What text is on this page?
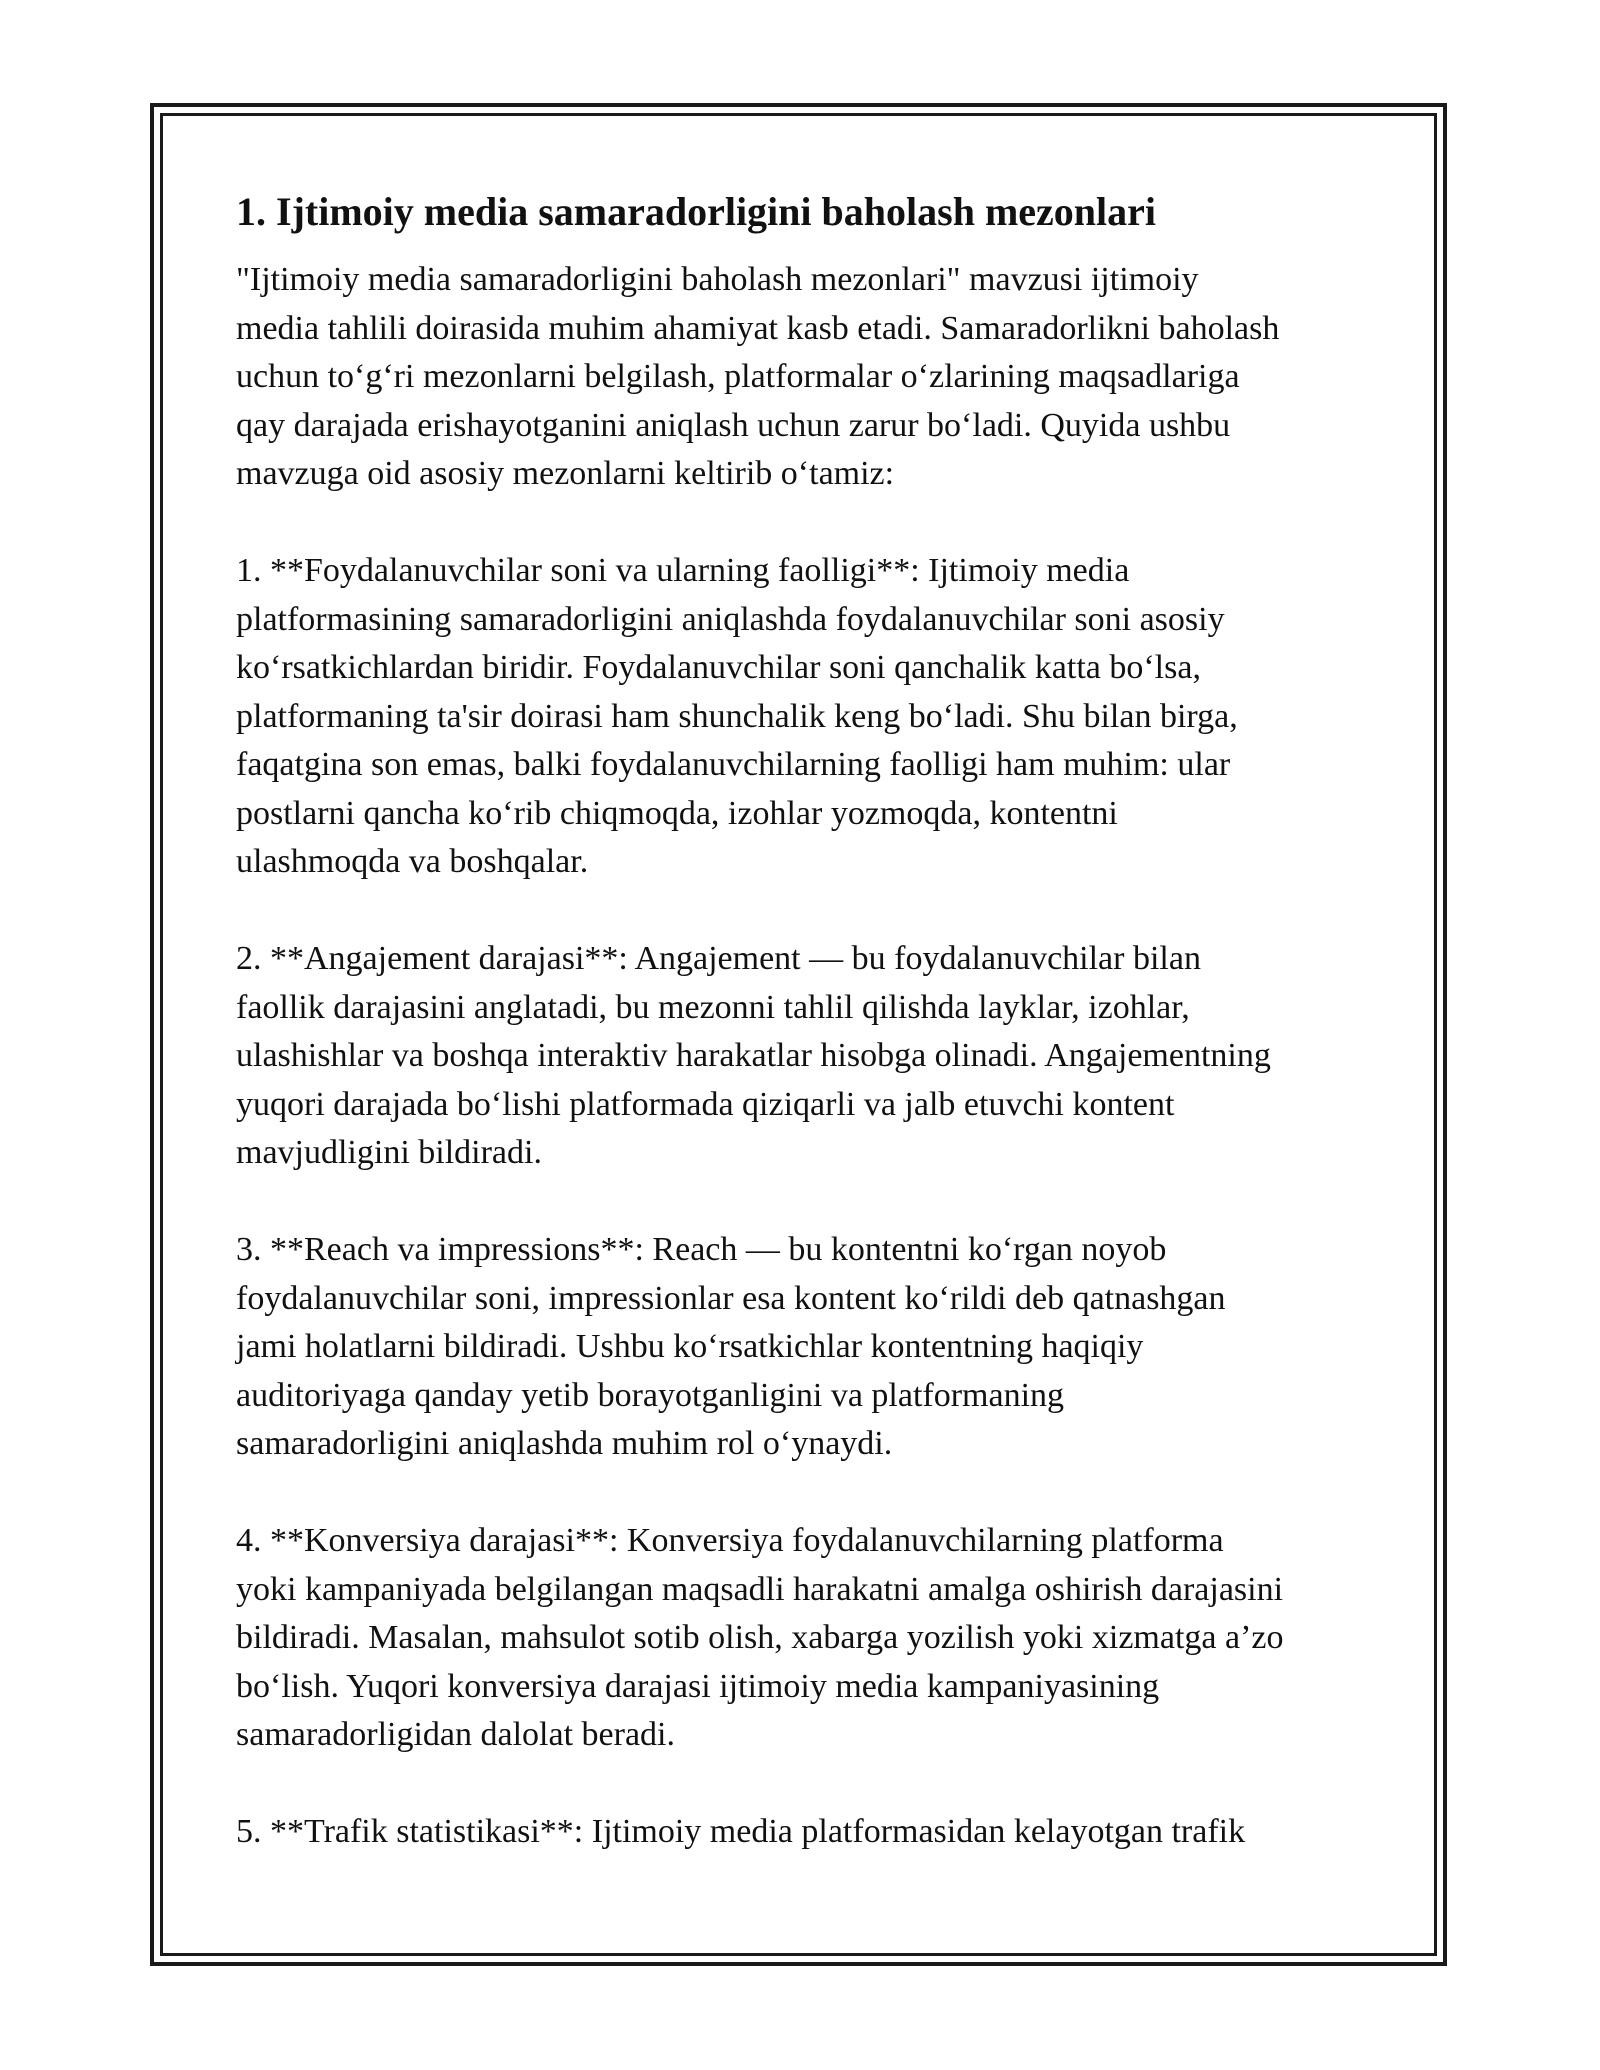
1. Ijtimoiy media samaradorligini baholash mezonlari

"Ijtimoiy media samaradorligini baholash mezonlari" mavzusi ijtimoiy
media tahlili doirasida muhim ahamiyat kasb etadi. Samaradorlikni baholash
uchun to‘g‘ri mezonlarni belgilash, platformalar o‘zlarining maqsadlariga
qay darajada erishayotganini aniqlash uchun zarur bo‘ladi. Quyida ushbu
mavzuga oid asosiy mezonlarni keltirib o‘tamiz:

1. **Foydalanuvchilar soni va ularning faolligi**: Ijtimoiy media
platformasining samaradorligini aniqlashda foydalanuvchilar soni asosiy
ko‘rsatkichlardan biridir. Foydalanuvchilar soni qanchalik katta bo‘lsa,
platformaning ta'sir doirasi ham shunchalik keng bo‘ladi. Shu bilan birga,
faqatgina son emas, balki foydalanuvchilarning faolligi ham muhim: ular
postlarni qancha ko‘rib chiqmoqda, izohlar yozmoqda, kontentni
ulashmoqda va boshqalar.

2. **Angajement darajasi**: Angajement — bu foydalanuvchilar bilan
faollik darajasini anglatadi, bu mezonni tahlil qilishda layklar, izohlar,
ulashishlar va boshqa interaktiv harakatlar hisobga olinadi. Angajementning
yuqori darajada bo‘lishi platformada qiziqarli va jalb etuvchi kontent
mavjudligini bildiradi.

3. **Reach va impressions**: Reach — bu kontentni ko‘rgan noyob
foydalanuvchilar soni, impressionlar esa kontent ko‘rildi deb qatnashgan
jami holatlarni bildiradi. Ushbu ko‘rsatkichlar kontentning haqiqiy
auditoriyaga qanday yetib borayotganligini va platformaning
samaradorligini aniqlashda muhim rol o‘ynaydi.

4. **Konversiya darajasi**: Konversiya foydalanuvchilarning platforma
yoki kampaniyada belgilangan maqsadli harakatni amalga oshirish darajasini
bildiradi. Masalan, mahsulot sotib olish, xabarga yozilish yoki xizmatga a’zo
bo‘lish. Yuqori konversiya darajasi ijtimoiy media kampaniyasining
samaradorligidan dalolat beradi.

5. **Trafik statistikasi**: Ijtimoiy media platformasidan kelayotgan trafik
